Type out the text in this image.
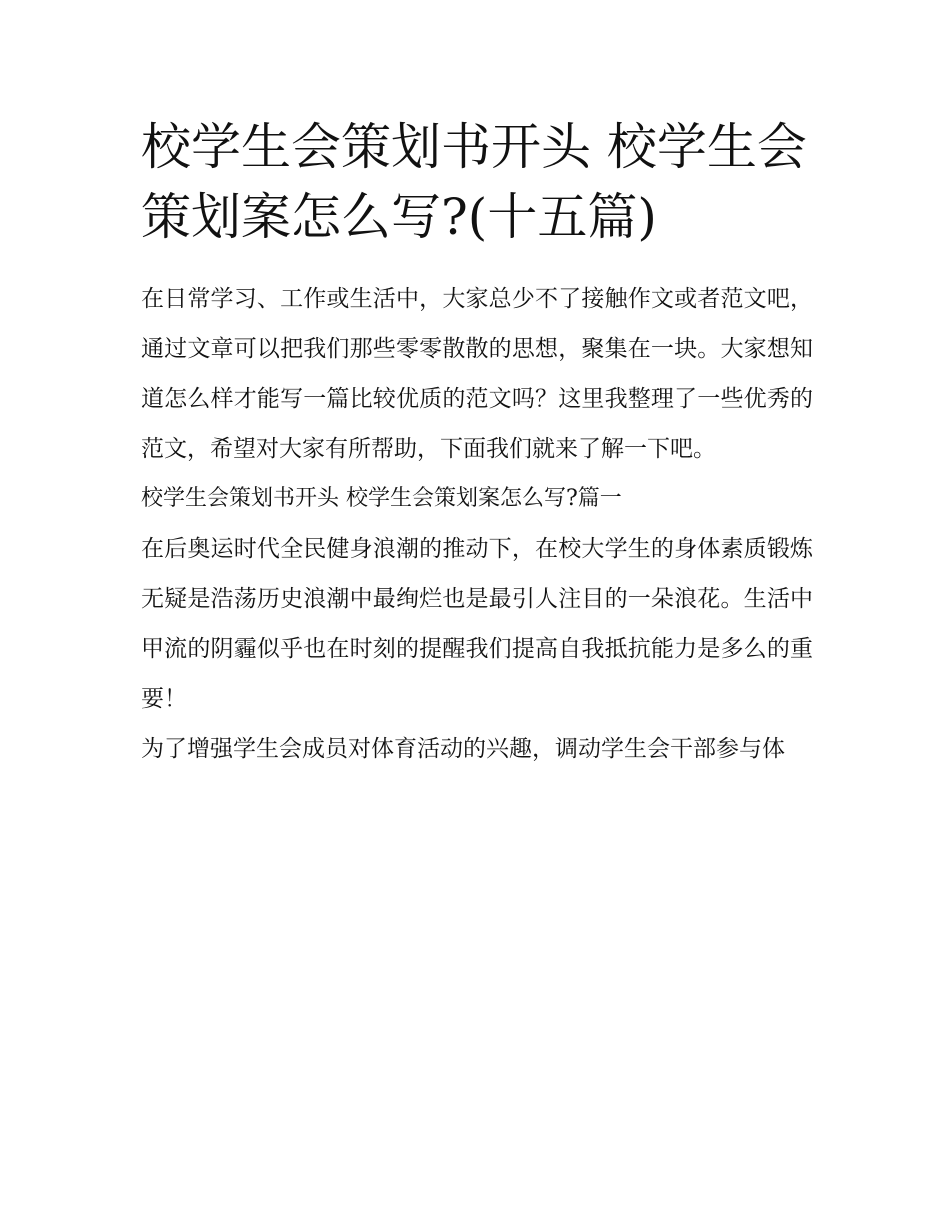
校学生会策划书开头 校学生会策划案怎么写?(十五篇)

在日常学习、工作或生活中，大家总少不了接触作文或者范文吧，通过文章可以把我们那些零零散散的思想，聚集在一块。大家想知道怎么样才能写一篇比较优质的范文吗？这里我整理了一些优秀的范文，希望对大家有所帮助，下面我们就来了解一下吧。

校学生会策划书开头 校学生会策划案怎么写?篇一

在后奥运时代全民健身浪潮的推动下，在校大学生的身体素质锻炼无疑是浩荡历史浪潮中最绚烂也是最引人注目的一朵浪花。生活中甲流的阴霾似乎也在时刻的提醒我们提高自我抵抗能力是多么的重要！

为了增强学生会成员对体育活动的兴趣，调动学生会干部参与体
